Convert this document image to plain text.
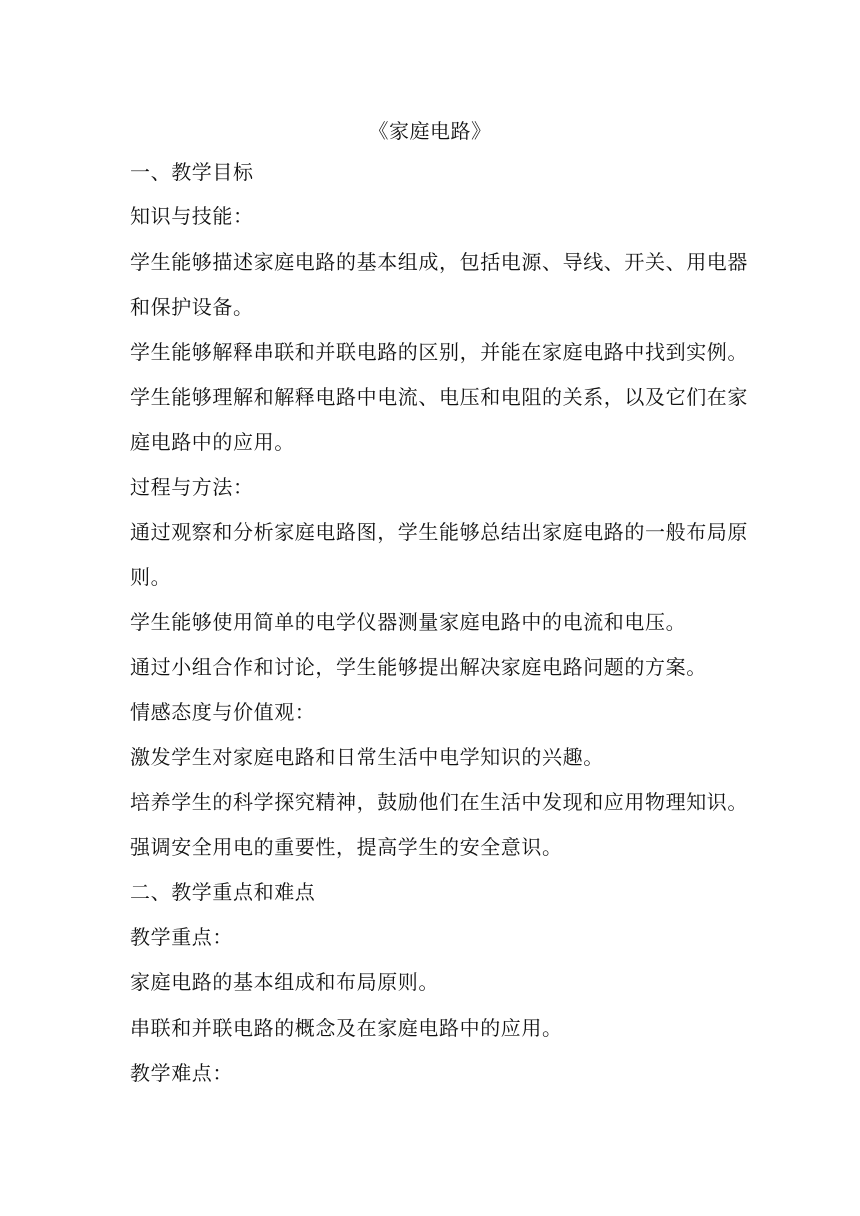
《家庭电路》
一、教学目标
知识与技能：
学生能够描述家庭电路的基本组成，包括电源、导线、开关、用电器
和保护设备。
学生能够解释串联和并联电路的区别，并能在家庭电路中找到实例。
学生能够理解和解释电路中电流、电压和电阻的关系，以及它们在家
庭电路中的应用。
过程与方法：
通过观察和分析家庭电路图，学生能够总结出家庭电路的一般布局原
则。
学生能够使用简单的电学仪器测量家庭电路中的电流和电压。
通过小组合作和讨论，学生能够提出解决家庭电路问题的方案。
情感态度与价值观：
激发学生对家庭电路和日常生活中电学知识的兴趣。
培养学生的科学探究精神，鼓励他们在生活中发现和应用物理知识。
强调安全用电的重要性，提高学生的安全意识。
二、教学重点和难点
教学重点：
家庭电路的基本组成和布局原则。
串联和并联电路的概念及在家庭电路中的应用。
教学难点：
